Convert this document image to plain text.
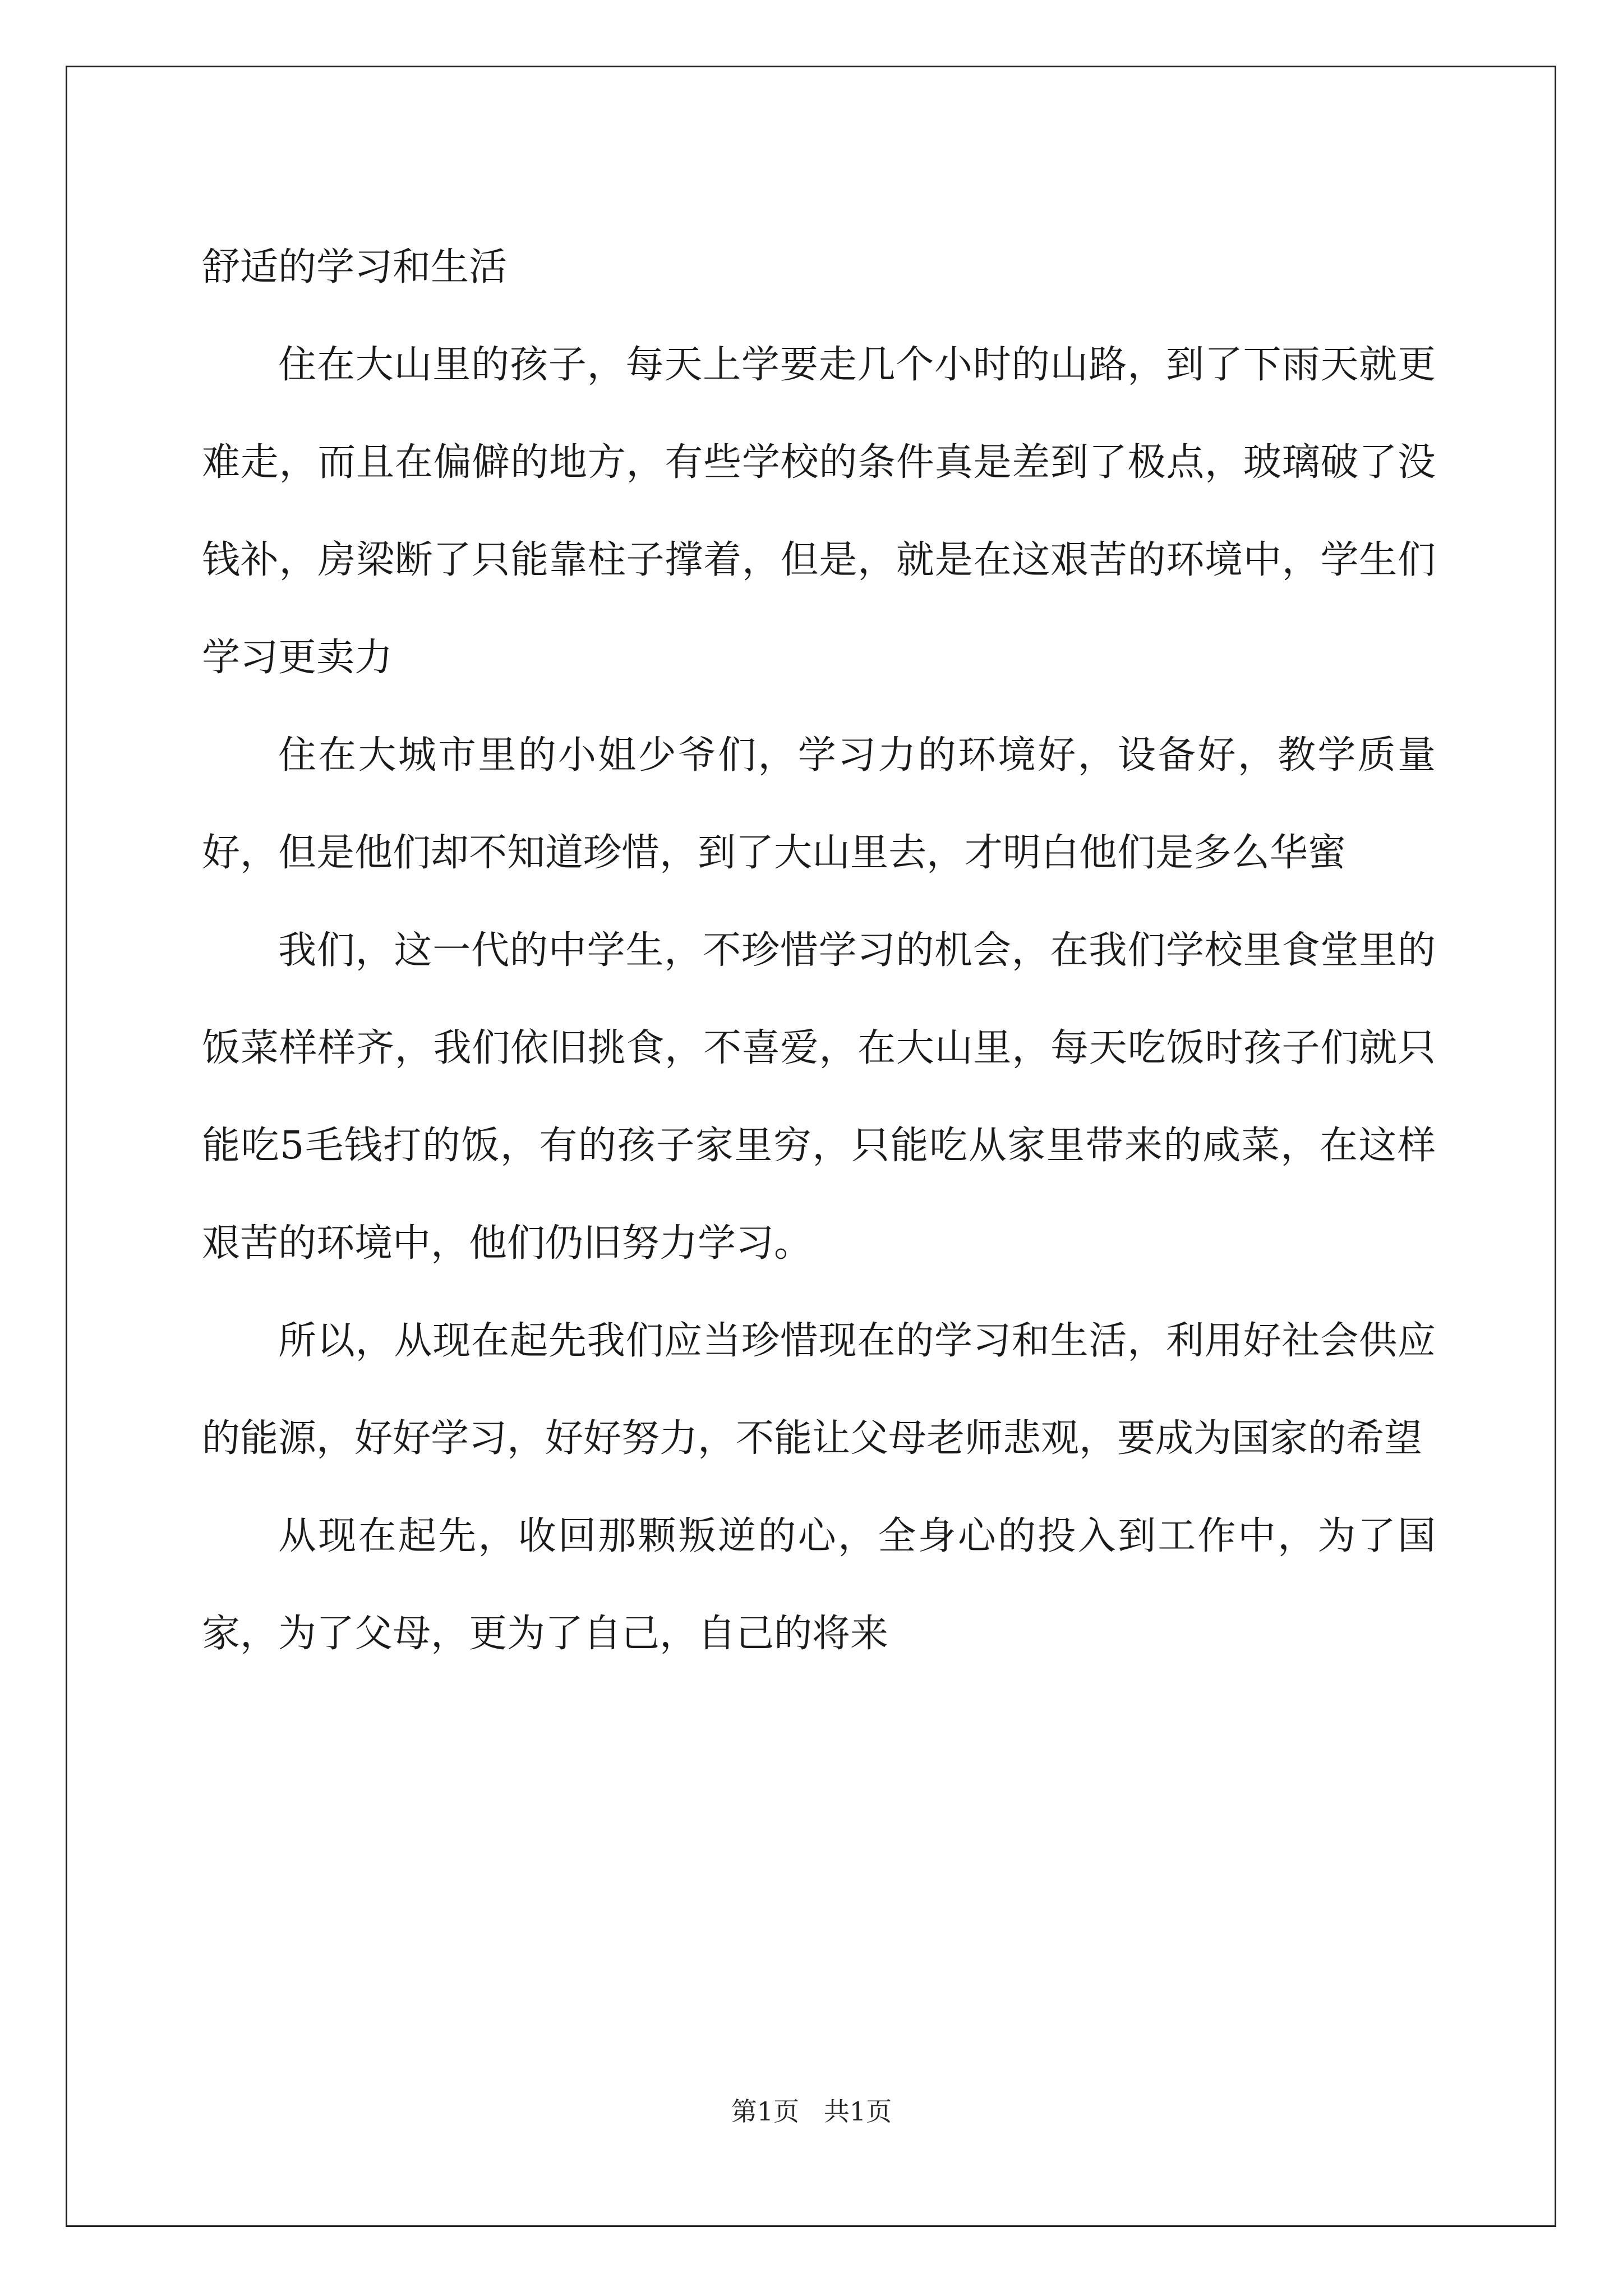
舒适的学习和生活

住在大山里的孩子，每天上学要走几个小时的山路，到了下雨天就更难走，而且在偏僻的地方，有些学校的条件真是差到了极点，玻璃破了没钱补，房梁断了只能靠柱子撑着，但是，就是在这艰苦的环境中，学生们学习更卖力

住在大城市里的小姐少爷们，学习力的环境好，设备好，教学质量好，但是他们却不知道珍惜，到了大山里去，才明白他们是多么华蜜

我们，这一代的中学生，不珍惜学习的机会，在我们学校里食堂里的饭菜样样齐，我们依旧挑食，不喜爱，在大山里，每天吃饭时孩子们就只能吃5毛钱打的饭，有的孩子家里穷，只能吃从家里带来的咸菜，在这样艰苦的环境中，他们仍旧努力学习。

所以，从现在起先我们应当珍惜现在的学习和生活，利用好社会供应的能源，好好学习，好好努力，不能让父母老师悲观，要成为国家的希望

从现在起先，收回那颗叛逆的心，全身心的投入到工作中，为了国家，为了父母，更为了自己，自己的将来

第1页   共1页
